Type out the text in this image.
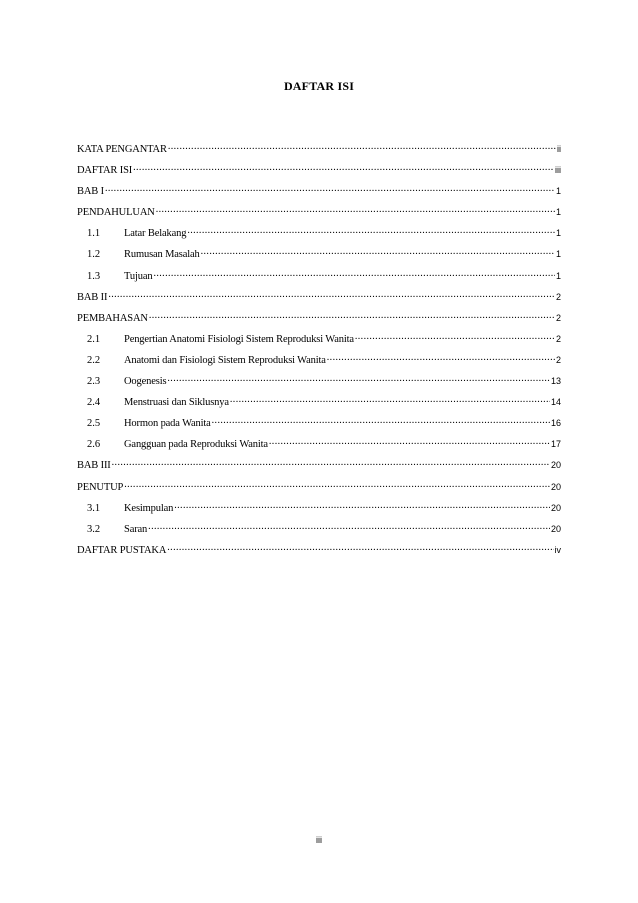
DAFTAR ISI
KATA PENGANTAR .....	ii
DAFTAR ISI .....	iii
BAB I .....	1
PENDAHULUAN .....	1
1.1	Latar Belakang .....	1
1.2	Rumusan Masalah .....	1
1.3	Tujuan .....	1
BAB II .....	2
PEMBAHASAN .....	2
2.1	Pengertian Anatomi Fisiologi Sistem Reproduksi Wanita .....	2
2.2	Anatomi dan Fisiologi Sistem Reproduksi Wanita .....	2
2.3	Oogenesis .....	13
2.4	Menstruasi dan Siklusnya .....	14
2.5	Hormon pada Wanita .....	16
2.6	Gangguan pada Reproduksi Wanita .....	17
BAB III .....	20
PENUTUP .....	20
3.1	Kesimpulan .....	20
3.2	Saran .....	20
DAFTAR PUSTAKA .....	iv
iii
